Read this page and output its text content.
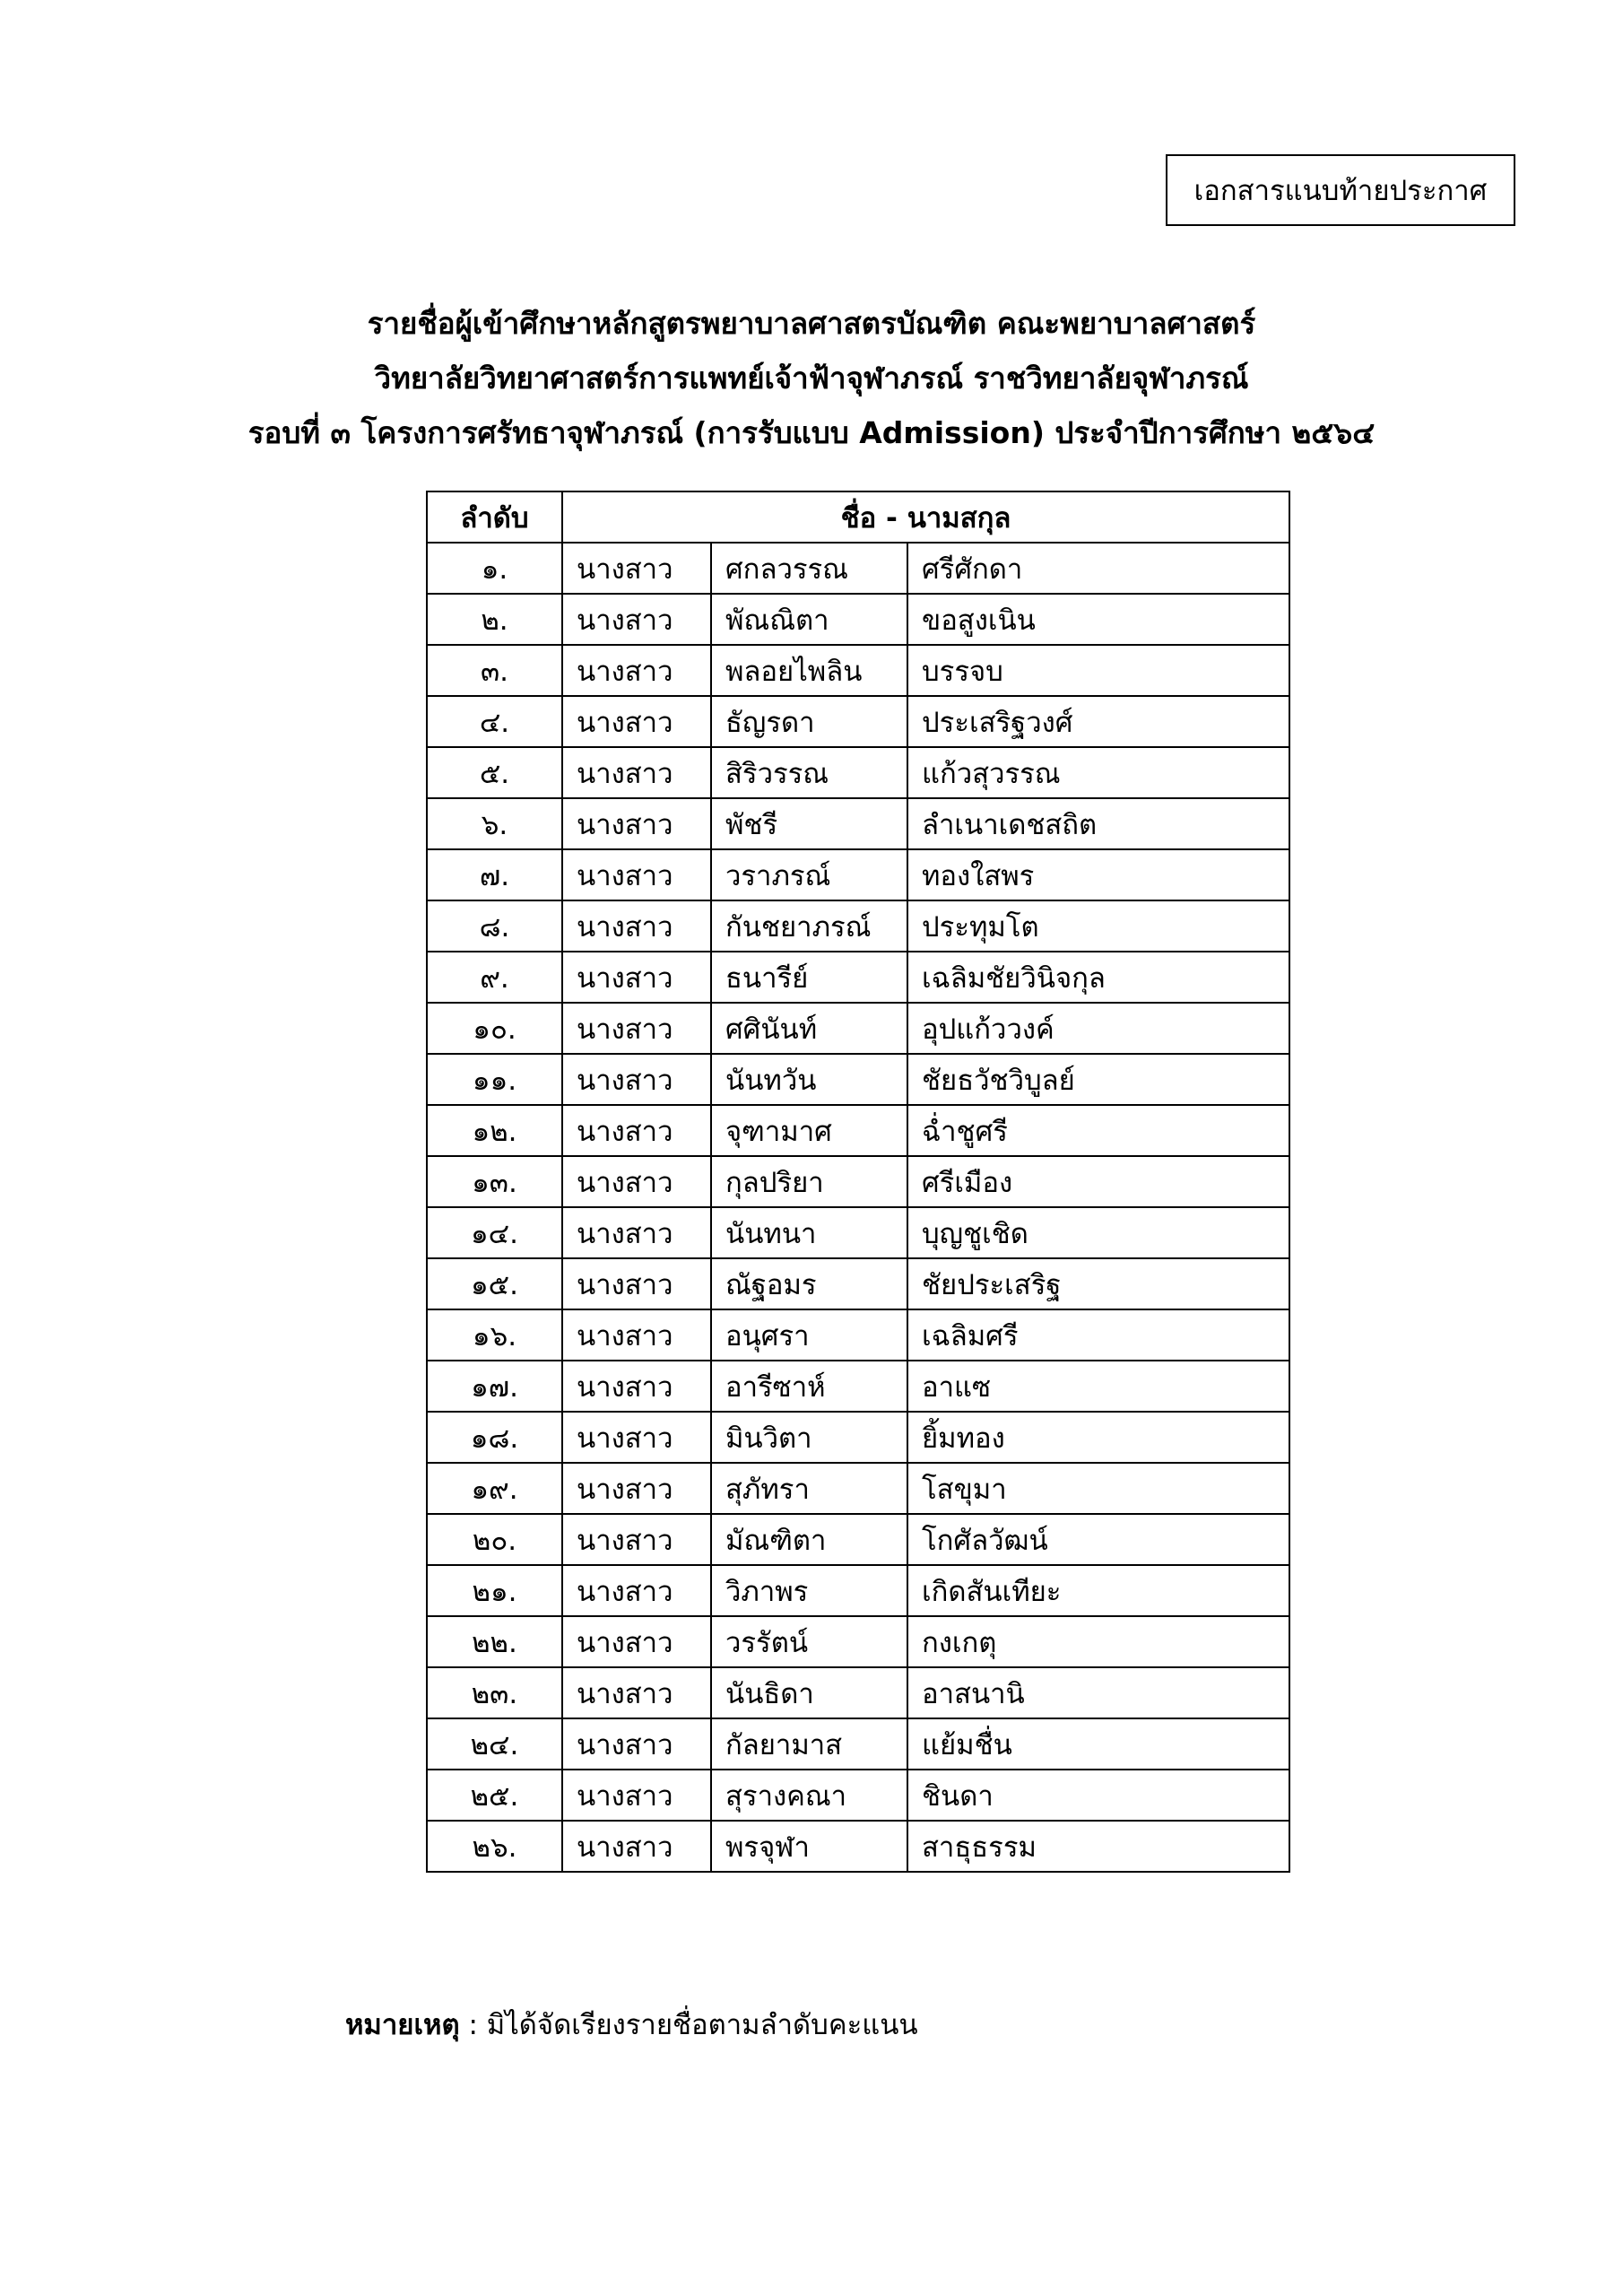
เอกสารแนบท้ายประกาศ
รายชื่อผู้เข้าศึกษาหลักสูตรพยาบาลศาสตรบัณฑิต คณะพยาบาลศาสตร์
วิทยาลัยวิทยาศาสตร์การแพทย์เจ้าฟ้าจุฬาภรณ์ ราชวิทยาลัยจุฬาภรณ์
รอบที่ ๓ โครงการศรัทธาจุฬาภรณ์ (การรับแบบ Admission) ประจำปีการศึกษา ๒๕๖๔
ลำดับ	ชื่อ - นามสกุล		
๑.	นางสาว	ศกลวรรณ	ศรีศักดา
๒.	นางสาว	พัณณิตา	ขอสูงเนิน
๓.	นางสาว	พลอยไพลิน	บรรจบ
๔.	นางสาว	ธัญรดา	ประเสริฐวงศ์
๕.	นางสาว	สิริวรรณ	แก้วสุวรรณ
๖.	นางสาว	พัชรี	ลำเนาเดชสถิต
๗.	นางสาว	วราภรณ์	ทองใสพร
๘.	นางสาว	กันชยาภรณ์	ประทุมโต
๙.	นางสาว	ธนารีย์	เฉลิมชัยวินิจกุล
๑๐.	นางสาว	ศศินันท์	อุปแก้ววงค์
๑๑.	นางสาว	นันทวัน	ชัยธวัชวิบูลย์
๑๒.	นางสาว	จุฑามาศ	ฉ่ำชูศรี
๑๓.	นางสาว	กุลปริยา	ศรีเมือง
๑๔.	นางสาว	นันทนา	บุญชูเชิด
๑๕.	นางสาว	ณัฐอมร	ชัยประเสริฐ
๑๖.	นางสาว	อนุศรา	เฉลิมศรี
๑๗.	นางสาว	อารีซาห์	อาแซ
๑๘.	นางสาว	มินวิตา	ยิ้มทอง
๑๙.	นางสาว	สุภัทรา	โสขุมา
๒๐.	นางสาว	มัณฑิตา	โกศัลวัฒน์
๒๑.	นางสาว	วิภาพร	เกิดสันเทียะ
๒๒.	นางสาว	วรรัตน์	กงเกตุ
๒๓.	นางสาว	นันธิดา	อาสนานิ
๒๔.	นางสาว	กัลยามาส	แย้มชื่น
๒๕.	นางสาว	สุรางคณา	ชินดา
๒๖.	นางสาว	พรจุฬา	สาธุธรรม
หมายเหตุ : มิได้จัดเรียงรายชื่อตามลำดับคะแนน
